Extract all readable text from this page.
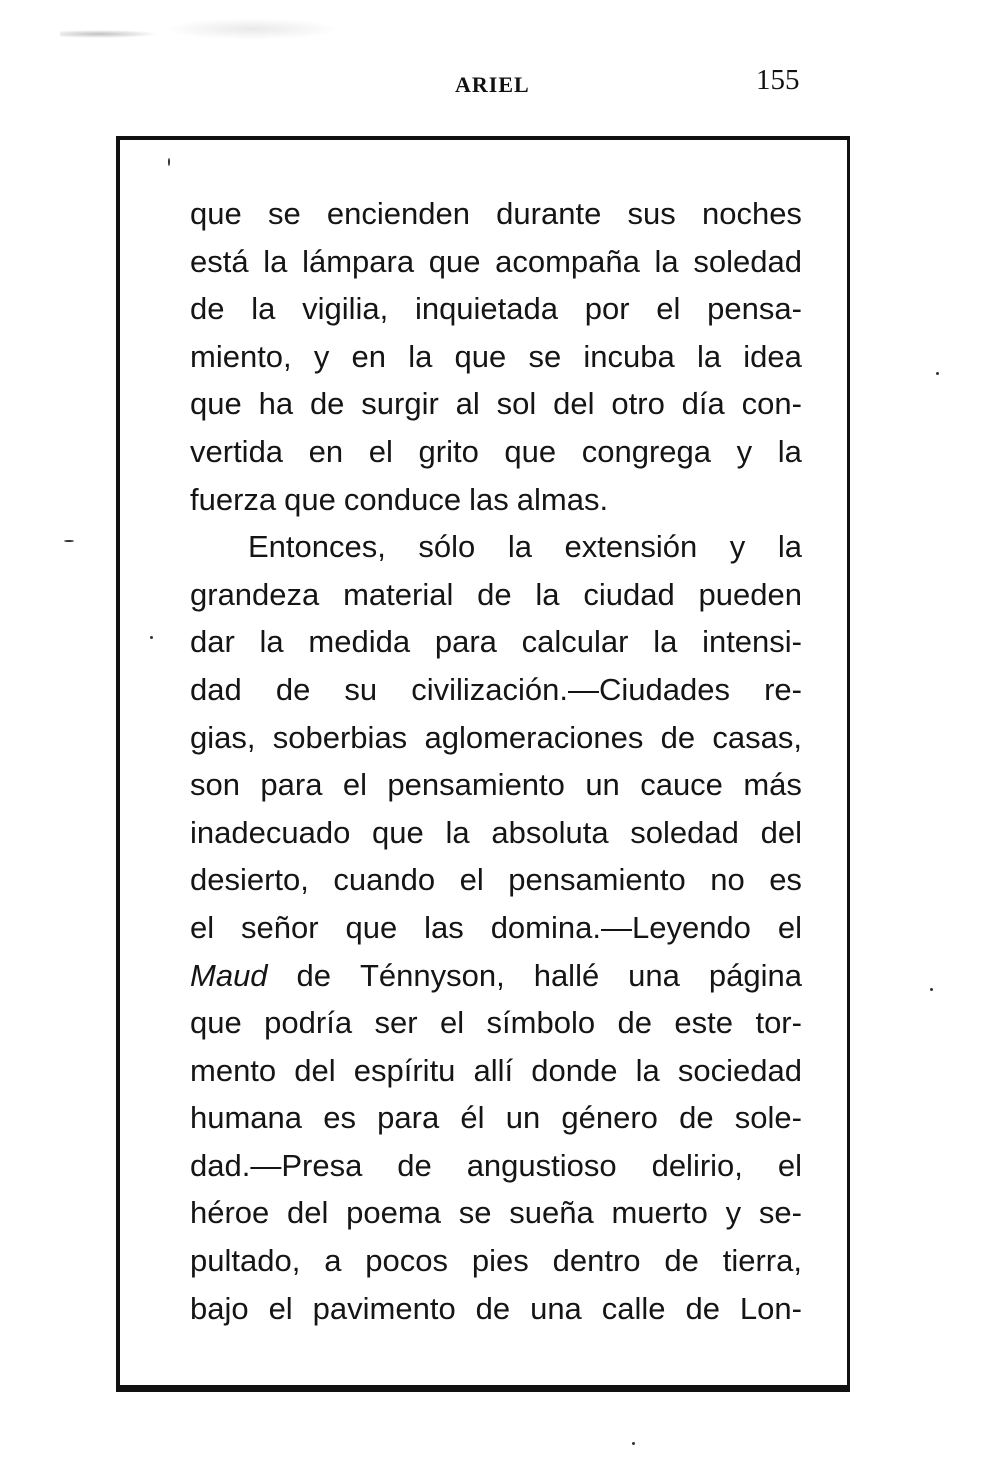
ARIEL	155
que se encienden durante sus noches
está la lámpara que acompaña la soledad
de la vigilia, inquietada por el pensa-
miento, y en la que se incuba la idea
que ha de surgir al sol del otro día con-
vertida en el grito que congrega y la
fuerza que conduce las almas.
Entonces, sólo la extensión y la
grandeza material de la ciudad pueden
dar la medida para calcular la intensi-
dad de su civilización.—Ciudades re-
gias, soberbias aglomeraciones de casas,
son para el pensamiento un cauce más
inadecuado que la absoluta soledad del
desierto, cuando el pensamiento no es
el señor que las domina.—Leyendo el
Maud de Ténnyson, hallé una página
que podría ser el símbolo de este tor-
mento del espíritu allí donde la sociedad
humana es para él un género de sole-
dad.—Presa de angustioso delirio, el
héroe del poema se sueña muerto y se-
pultado, a pocos pies dentro de tierra,
bajo el pavimento de una calle de Lon-
